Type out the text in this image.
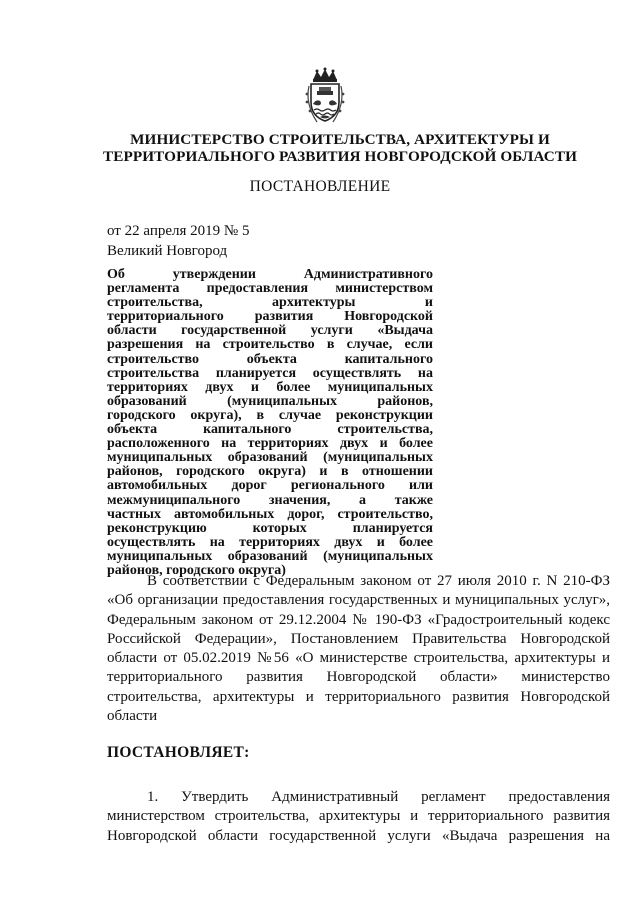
МИНИСТЕРСТВО СТРОИТЕЛЬСТВА, АРХИТЕКТУРЫ И
ТЕРРИТОРИАЛЬНОГО РАЗВИТИЯ НОВГОРОДСКОЙ ОБЛАСТИ
ПОСТАНОВЛЕНИЕ
от 22 апреля 2019 № 5
Великий Новгород
Об утверждении Административного
регламента предоставления министерством
строительства, архитектуры и
территориального развития Новгородской
области государственной услуги «Выдача
разрешения на строительство в случае, если
строительство объекта капитального
строительства планируется осуществлять на
территориях двух и более муниципальных
образований (муниципальных районов,
городского округа), в случае реконструкции
объекта капитального строительства,
расположенного на территориях двух и более
муниципальных образований (муниципальных
районов, городского округа) и в отношении
автомобильных дорог регионального или
межмуниципального значения, а также
частных автомобильных дорог, строительство,
реконструкцию которых планируется
осуществлять на территориях двух и более
муниципальных образований (муниципальных
районов, городского округа)
В соответствии с Федеральным законом от 27 июля 2010 г. N 210-ФЗ
«Об организации предоставления государственных и муниципальных услуг»,
Федеральным законом от 29.12.2004 № 190-ФЗ «Градостроительный кодекс
Российской Федерации», Постановлением Правительства Новгородской
области от 05.02.2019 №56 «О министерстве строительства, архитектуры и
территориального развития Новгородской области» министерство
строительства, архитектуры и территориального развития Новгородской
области
ПОСТАНОВЛЯЕТ:
1. Утвердить Административный регламент предоставления
министерством строительства, архитектуры и территориального развития
Новгородской области государственной услуги «Выдача разрешения на
